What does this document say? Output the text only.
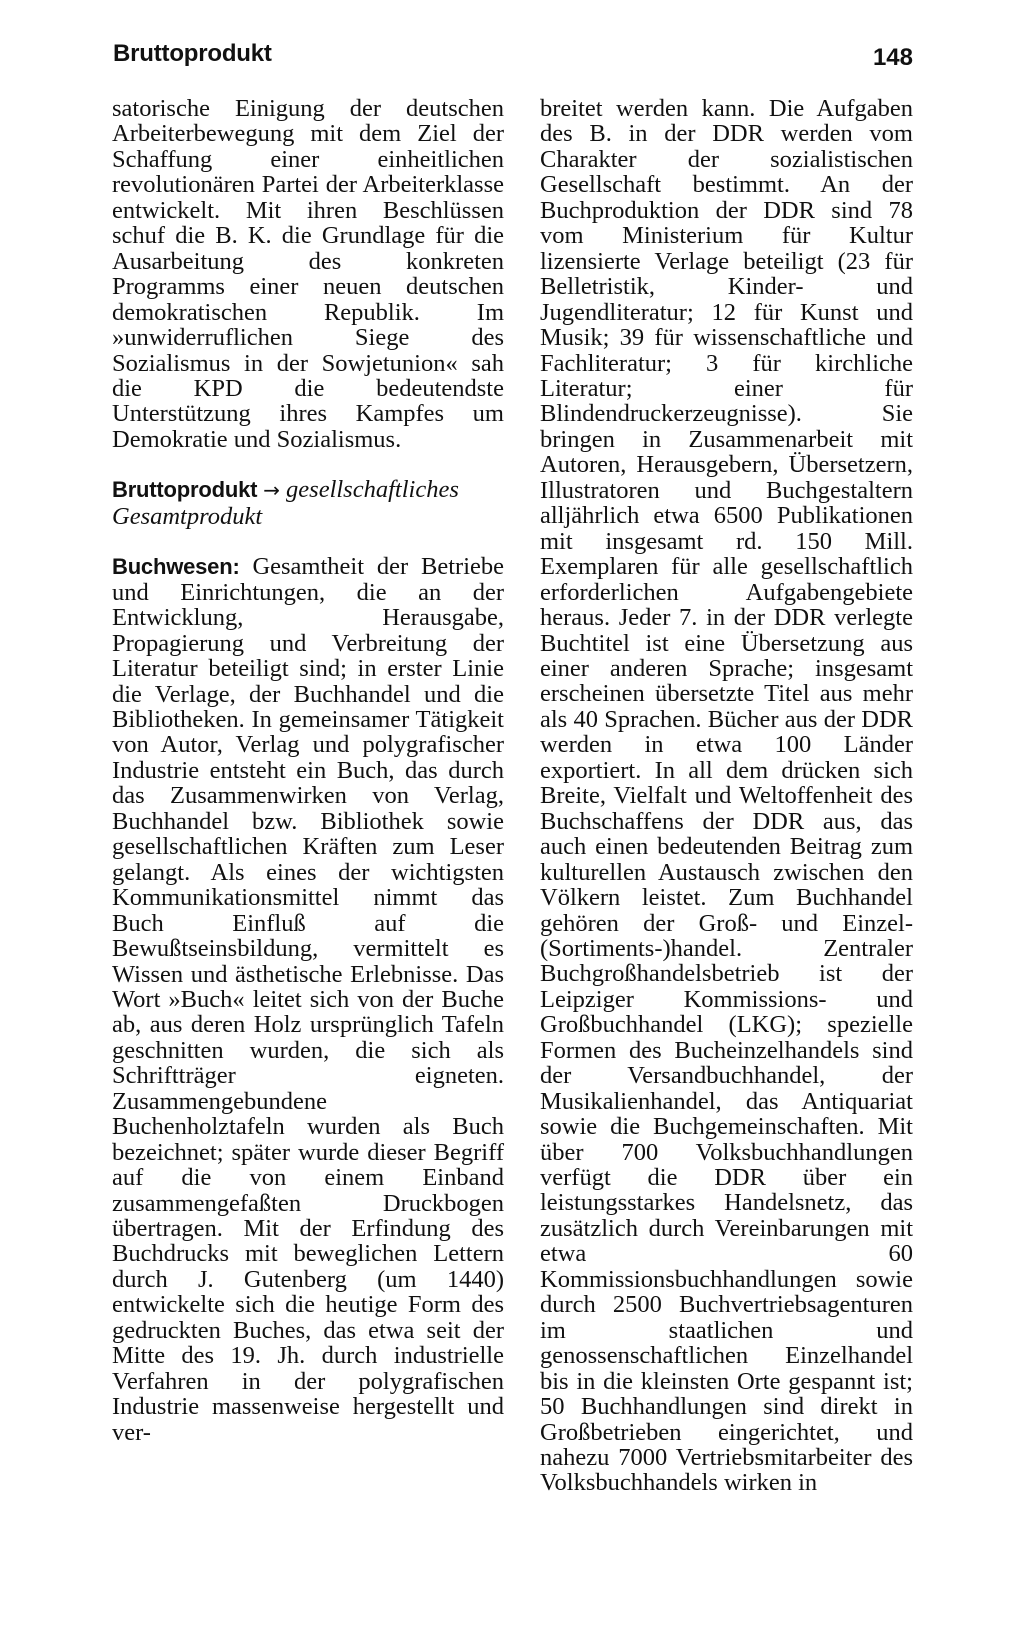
Bruttoprodukt	148

satorische Einigung der deutschen Arbeiterbewegung mit dem Ziel der Schaffung einer einheitlichen revolutionären Partei der Arbeiterklasse entwickelt. Mit ihren Beschlüssen schuf die B. K. die Grundlage für die Ausarbeitung des konkreten Programms einer neuen deutschen demokratischen Republik. Im »unwiderruflichen Siege des Sozialismus in der Sowjetunion« sah die KPD die bedeutendste Unterstützung ihres Kampfes um Demokratie und Sozialismus.

Bruttoprodukt → gesellschaftliches Gesamtprodukt

Buchwesen: Gesamtheit der Betriebe und Einrichtungen, die an der Entwicklung, Herausgabe, Propagierung und Verbreitung der Literatur beteiligt sind; in erster Linie die Verlage, der Buchhandel und die Bibliotheken. In gemeinsamer Tätigkeit von Autor, Verlag und polygrafischer Industrie entsteht ein Buch, das durch das Zusammenwirken von Verlag, Buchhandel bzw. Bibliothek sowie gesellschaftlichen Kräften zum Leser gelangt. Als eines der wichtigsten Kommunikationsmittel nimmt das Buch Einfluß auf die Bewußtseinsbildung, vermittelt es Wissen und ästhetische Erlebnisse. Das Wort »Buch« leitet sich von der Buche ab, aus deren Holz ursprünglich Tafeln geschnitten wurden, die sich als Schriftträger eigneten. Zusammengebundene Buchenholztafeln wurden als Buch bezeichnet; später wurde dieser Begriff auf die von einem Einband zusammengefaßten Druckbogen übertragen. Mit der Erfindung des Buchdrucks mit beweglichen Lettern durch J. Gutenberg (um 1440) entwickelte sich die heutige Form des gedruckten Buches, das etwa seit der Mitte des 19. Jh. durch industrielle Verfahren in der polygrafischen Industrie massenweise hergestellt und ver-

breitet werden kann. Die Aufgaben des B. in der DDR werden vom Charakter der sozialistischen Gesellschaft bestimmt. An der Buchproduktion der DDR sind 78 vom Ministerium für Kultur lizensierte Verlage beteiligt (23 für Belletristik, Kinder- und Jugendliteratur; 12 für Kunst und Musik; 39 für wissenschaftliche und Fachliteratur; 3 für kirchliche Literatur; einer für Blindendruckerzeugnisse). Sie bringen in Zusammenarbeit mit Autoren, Herausgebern, Übersetzern, Illustratoren und Buchgestaltern alljährlich etwa 6500 Publikationen mit insgesamt rd. 150 Mill. Exemplaren für alle gesellschaftlich erforderlichen Aufgabengebiete heraus. Jeder 7. in der DDR verlegte Buchtitel ist eine Übersetzung aus einer anderen Sprache; insgesamt erscheinen übersetzte Titel aus mehr als 40 Sprachen. Bücher aus der DDR werden in etwa 100 Länder exportiert. In all dem drücken sich Breite, Vielfalt und Weltoffenheit des Buchschaffens der DDR aus, das auch einen bedeutenden Beitrag zum kulturellen Austausch zwischen den Völkern leistet. Zum Buchhandel gehören der Groß- und Einzel- (Sortiments-)handel. Zentraler Buchgroßhandelsbetrieb ist der Leipziger Kommissions- und Großbuchhandel (LKG); spezielle Formen des Bucheinzelhandels sind der Versandbuchhandel, der Musikalienhandel, das Antiquariat sowie die Buchgemeinschaften. Mit über 700 Volksbuchhandlungen verfügt die DDR über ein leistungsstarkes Handelsnetz, das zusätzlich durch Vereinbarungen mit etwa 60 Kommissionsbuchhandlungen sowie durch 2500 Buchvertriebsagenturen im staatlichen und genossenschaftlichen Einzelhandel bis in die kleinsten Orte gespannt ist; 50 Buchhandlungen sind direkt in Großbetrieben eingerichtet, und nahezu 7000 Vertriebsmitarbeiter des Volksbuchhandels wirken in
